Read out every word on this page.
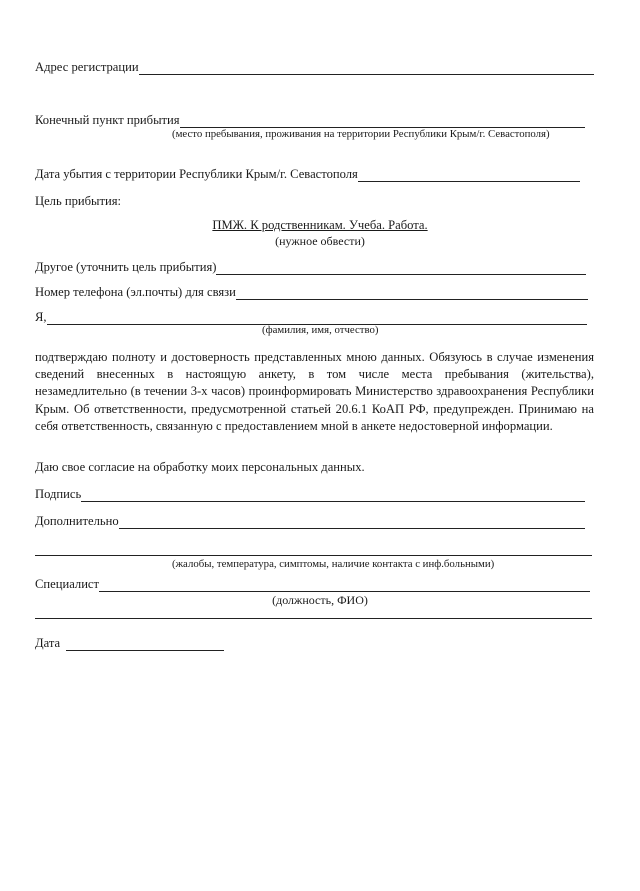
Адрес регистрации
Конечный пункт прибытия
(место пребывания, проживания на территории Республики Крым/г. Севастополя)
Дата убытия с территории Республики Крым/г. Севастополя
Цель прибытия:
ПМЖ. К родственникам. Учеба. Работа.
(нужное обвести)
Другое (уточнить цель прибытия)
Номер телефона (эл.почты) для связи
Я,
(фамилия, имя, отчество)
подтверждаю полноту и достоверность представленных мною данных. Обязуюсь в случае изменения сведений внесенных в настоящую анкету, в том числе места пребывания (жительства), незамедлительно (в течении 3-х часов) проинформировать Министерство здравоохранения Республики Крым. Об ответственности, предусмотренной статьей 20.6.1 КоАП РФ, предупрежден. Принимаю на себя ответственность, связанную с предоставлением мной в анкете недостоверной информации.
Даю свое согласие на обработку моих персональных данных.
Подпись
Дополнительно
(жалобы, температура, симптомы, наличие контакта с инф.больными)
Специалист
(должность, ФИО)
Дата
